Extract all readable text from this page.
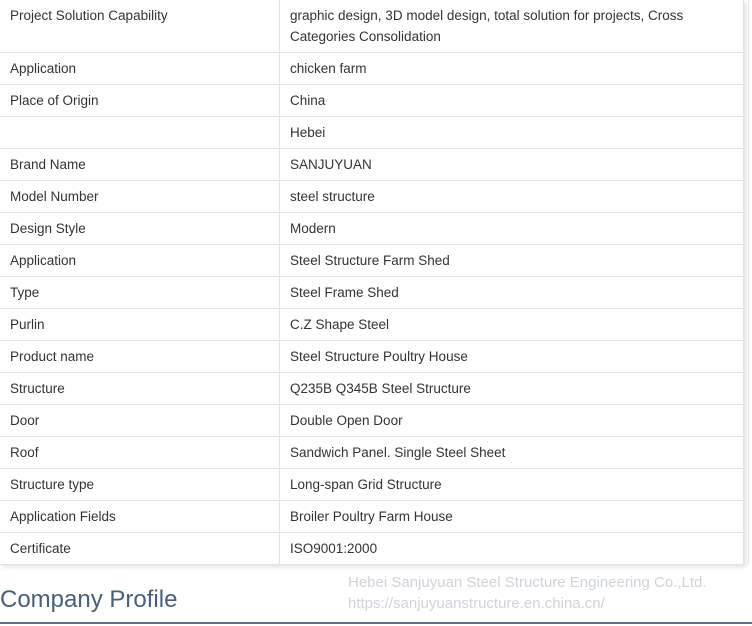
Project Solution Capability	graphic design, 3D model design, total solution for projects, Cross Categories Consolidation
Application	chicken farm
Place of Origin	China
	Hebei
Brand Name	SANJUYUAN
Model Number	steel structure
Design Style	Modern
Application	Steel Structure Farm Shed
Type	Steel Frame Shed
Purlin	C.Z Shape Steel
Product name	Steel Structure Poultry House
Structure	Q235B Q345B Steel Structure
Door	Double Open Door
Roof	Sandwich Panel. Single Steel Sheet
Structure type	Long-span Grid Structure
Application Fields	Broiler Poultry Farm House
Certificate	ISO9001:2000
Hebei Sanjuyuan Steel Structure Engineering Co.,Ltd.
https://sanjuyuanstructure.en.china.cn/
Company Profile
